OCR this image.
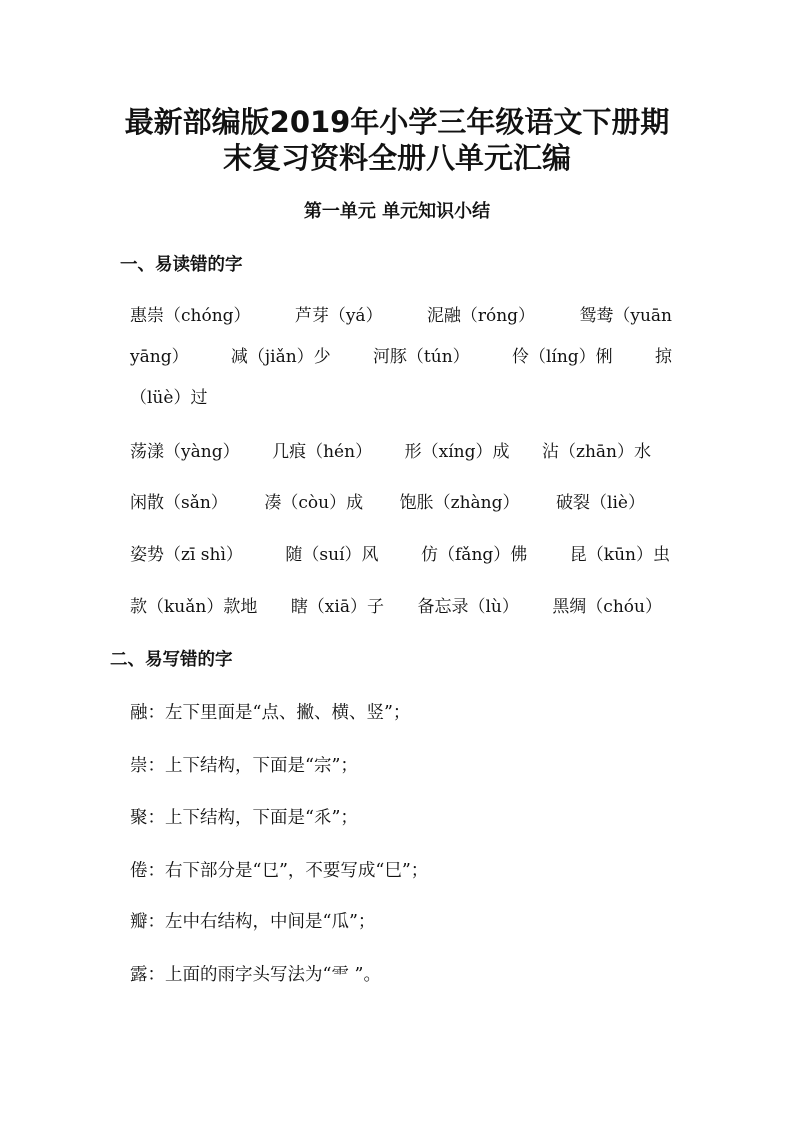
最新部编版2019年小学三年级语文下册期
末复习资料全册八单元汇编
第一单元 单元知识小结
一、易读错的字
惠崇（chóng）	芦芽（yá）	泥融（róng）	鸳鸯（yuān
yāng） 减（jiǎn）少 河豚（tún） 伶（líng）俐 掠
（lüè）过
荡漾（yàng） 几痕（hén） 形（xíng）成 沾（zhān）水
闲散（sǎn） 凑（còu）成 饱胀（zhàng） 破裂（liè）
姿势（zī shì） 随（suí）风 仿（fǎng）佛 昆（kūn）虫
款（kuǎn）款地 瞎（xiā）子 备忘录（lù） 黑绸（chóu）
二、易写错的字

融：左下里面是“点、撇、横、竖”；

崇：上下结构，下面是“宗”；

聚：上下结构，下面是“乑”；

倦：右下部分是“㔾”，不要写成“巳”；

瓣：左中右结构，中间是“瓜”；

露：上面的雨字头写法为“⻗ ”。
